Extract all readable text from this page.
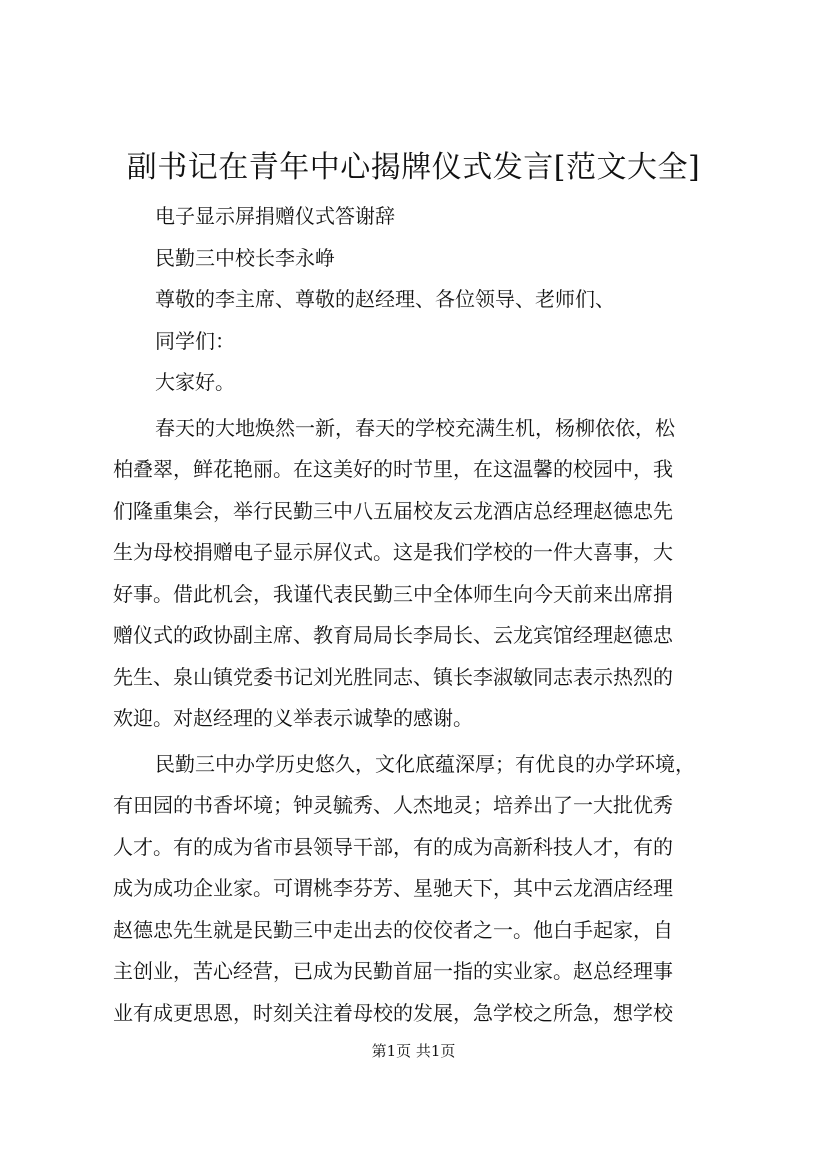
副书记在青年中心揭牌仪式发言[范文大全]

电子显示屏捐赠仪式答谢辞

民勤三中校长李永峥

尊敬的李主席、尊敬的赵经理、各位领导、老师们、

同学们：

大家好。

春天的大地焕然一新，春天的学校充满生机，杨柳依依，松

柏叠翠，鲜花艳丽。在这美好的时节里，在这温馨的校园中，我

们隆重集会，举行民勤三中八五届校友云龙酒店总经理赵德忠先

生为母校捐赠电子显示屏仪式。这是我们学校的一件大喜事，大

好事。借此机会，我谨代表民勤三中全体师生向今天前来出席捐

赠仪式的政协副主席、教育局局长李局长、云龙宾馆经理赵德忠

先生、泉山镇党委书记刘光胜同志、镇长李淑敏同志表示热烈的

欢迎。对赵经理的义举表示诚挚的感谢。

民勤三中办学历史悠久，文化底蕴深厚；有优良的办学环境，

有田园的书香坏境；钟灵毓秀、人杰地灵；培养出了一大批优秀

人才。有的成为省市县领导干部，有的成为高新科技人才，有的

成为成功企业家。可谓桃李芬芳、星驰天下，其中云龙酒店经理

赵德忠先生就是民勤三中走出去的佼佼者之一。他白手起家，自

主创业，苦心经营，已成为民勤首屈一指的实业家。赵总经理事

业有成更思恩，时刻关注着母校的发展，急学校之所急，想学校

第1页 共1页
